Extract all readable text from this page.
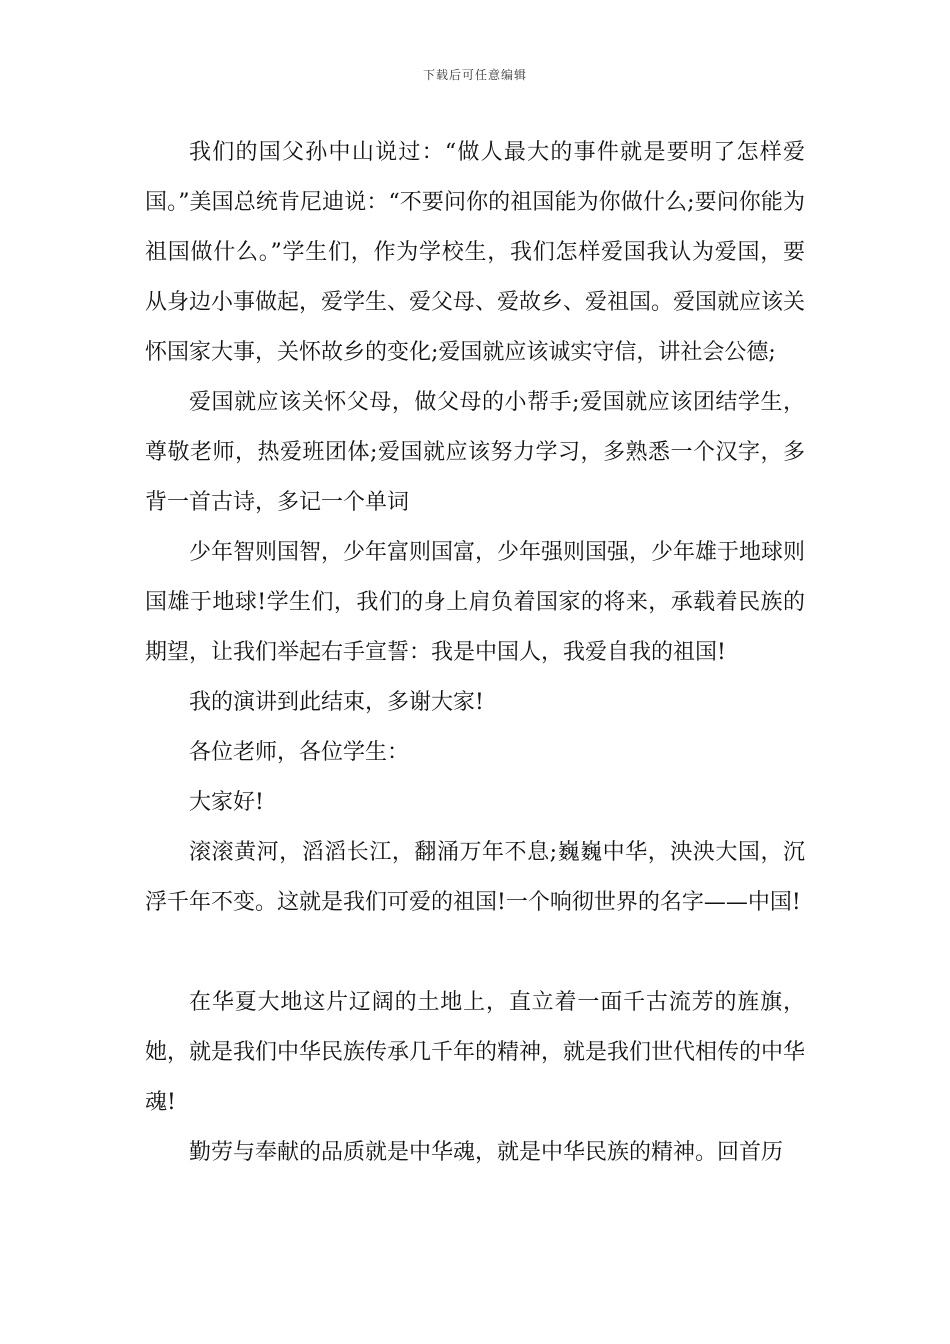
下载后可任意编辑

我们的国父孙中山说过：“做人最大的事件就是要明了怎样爱国。”美国总统肯尼迪说：“不要问你的祖国能为你做什么;要问你能为祖国做什么。”学生们，作为学校生，我们怎样爱国我认为爱国，要从身边小事做起，爱学生、爱父母、爱故乡、爱祖国。爱国就应该关怀国家大事，关怀故乡的变化;爱国就应该诚实守信，讲社会公德;

爱国就应该关怀父母，做父母的小帮手;爱国就应该团结学生，尊敬老师，热爱班团体;爱国就应该努力学习，多熟悉一个汉字，多背一首古诗，多记一个单词

少年智则国智，少年富则国富，少年强则国强，少年雄于地球则国雄于地球!学生们，我们的身上肩负着国家的将来，承载着民族的期望，让我们举起右手宣誓：我是中国人，我爱自我的祖国!

我的演讲到此结束，多谢大家!

各位老师，各位学生：

大家好!

滚滚黄河，滔滔长江，翻涌万年不息;巍巍中华，泱泱大国，沉浮千年不变。这就是我们可爱的祖国!一个响彻世界的名字——中国!

在华夏大地这片辽阔的土地上，直立着一面千古流芳的旌旗，她，就是我们中华民族传承几千年的精神，就是我们世代相传的中华魂!

勤劳与奉献的品质就是中华魂，就是中华民族的精神。回首历
